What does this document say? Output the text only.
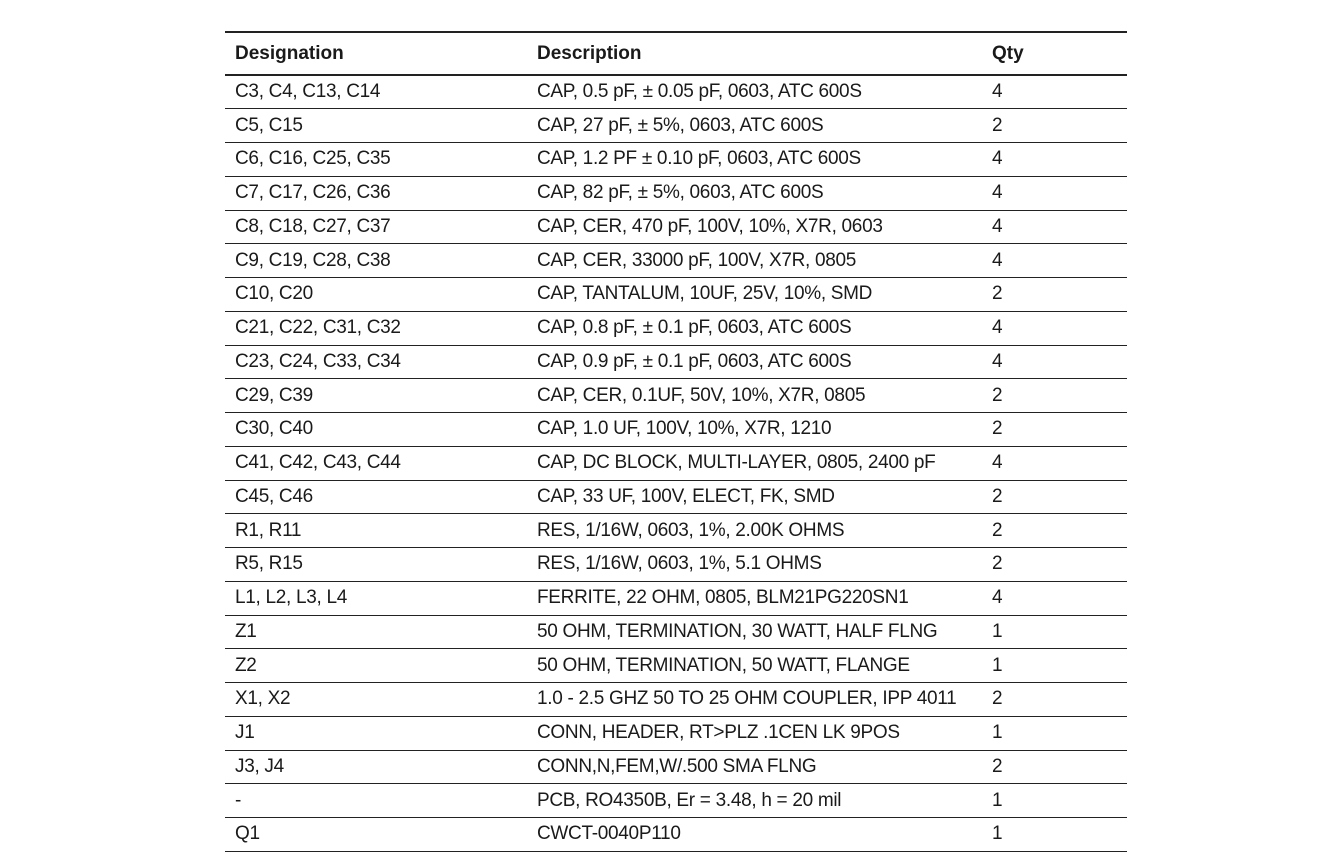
Designation	Description	Qty
C3, C4, C13, C14	CAP, 0.5 pF, ± 0.05 pF, 0603, ATC 600S	4
C5, C15	CAP, 27 pF, ± 5%, 0603, ATC 600S	2
C6, C16, C25, C35	CAP, 1.2 PF ± 0.10 pF, 0603, ATC 600S	4
C7, C17, C26, C36	CAP, 82 pF, ± 5%, 0603, ATC 600S	4
C8, C18, C27, C37	CAP, CER, 470 pF, 100V, 10%, X7R, 0603	4
C9, C19, C28, C38	CAP, CER, 33000 pF, 100V, X7R, 0805	4
C10, C20	CAP, TANTALUM, 10UF, 25V, 10%, SMD	2
C21, C22, C31, C32	CAP, 0.8 pF, ± 0.1 pF, 0603, ATC 600S	4
C23, C24, C33, C34	CAP, 0.9 pF, ± 0.1 pF, 0603, ATC 600S	4
C29, C39	CAP, CER, 0.1UF, 50V, 10%, X7R, 0805	2
C30, C40	CAP, 1.0 UF, 100V, 10%, X7R, 1210	2
C41, C42, C43, C44	CAP, DC BLOCK, MULTI-LAYER, 0805, 2400 pF	4
C45, C46	CAP, 33 UF, 100V, ELECT, FK, SMD	2
R1, R11	RES, 1/16W, 0603, 1%, 2.00K OHMS	2
R5, R15	RES, 1/16W, 0603, 1%, 5.1 OHMS	2
L1, L2, L3, L4	FERRITE, 22 OHM, 0805, BLM21PG220SN1	4
Z1	50 OHM, TERMINATION, 30 WATT, HALF FLNG	1
Z2	50 OHM, TERMINATION, 50 WATT, FLANGE	1
X1, X2	1.0 - 2.5 GHZ 50 TO 25 OHM COUPLER, IPP 4011	2
J1	CONN, HEADER, RT>PLZ .1CEN LK 9POS	1
J3, J4	CONN,N,FEM,W/.500 SMA FLNG	2
-	PCB, RO4350B, Er = 3.48, h = 20 mil	1
Q1	CWCT-0040P110	1
